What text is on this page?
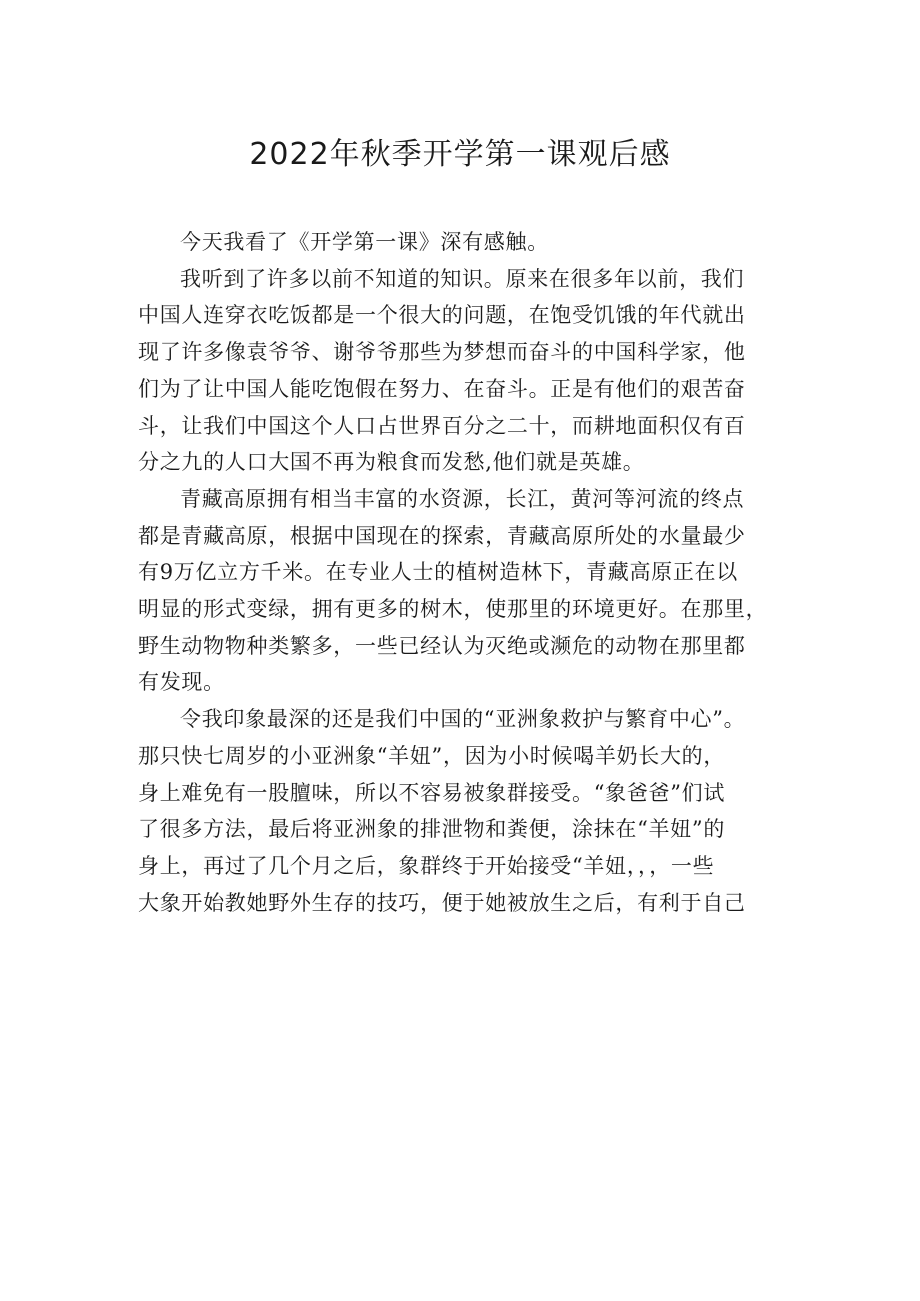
2022年秋季开学第一课观后感

今天我看了《开学第一课》深有感触。

我听到了许多以前不知道的知识。原来在很多年以前，我们
中国人连穿衣吃饭都是一个很大的问题，在饱受饥饿的年代就出
现了许多像袁爷爷、谢爷爷那些为梦想而奋斗的中国科学家，他
们为了让中国人能吃饱假在努力、在奋斗。正是有他们的艰苦奋
斗，让我们中国这个人口占世界百分之二十，而耕地面积仅有百
分之九的人口大国不再为粮食而发愁,他们就是英雄。

青藏高原拥有相当丰富的水资源，长江，黄河等河流的终点
都是青藏高原，根据中国现在的探索，青藏高原所处的水量最少
有9万亿立方千米。在专业人士的植树造林下，青藏高原正在以
明显的形式变绿，拥有更多的树木，使那里的环境更好。在那里，
野生动物物种类繁多，一些已经认为灭绝或濒危的动物在那里都
有发现。

令我印象最深的还是我们中国的“亚洲象救护与繁育中心”。
那只快七周岁的小亚洲象“羊妞”，因为小时候喝羊奶长大的，
身上难免有一股膻味，所以不容易被象群接受。“象爸爸”们试
了很多方法，最后将亚洲象的排泄物和粪便，涂抹在“羊妞”的
身上，再过了几个月之后，象群终于开始接受“羊妞，，，一些
大象开始教她野外生存的技巧，便于她被放生之后，有利于自己
